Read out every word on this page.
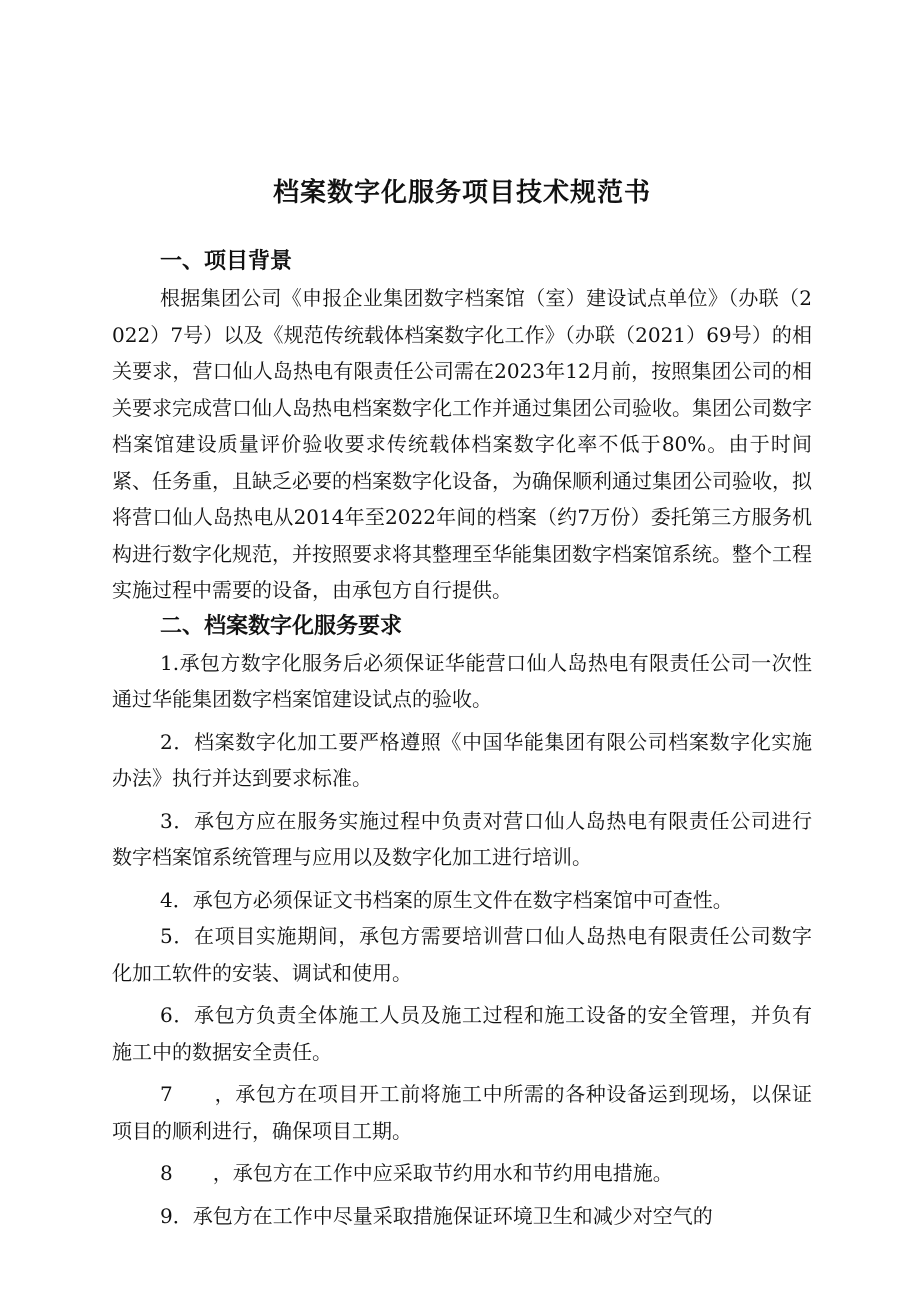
档案数字化服务项目技术规范书
一、项目背景

根据集团公司《申报企业集团数字档案馆（室）建设试点单位》（办联（2022）7号）以及《规范传统载体档案数字化工作》（办联（2021）69号）的相关要求，营口仙人岛热电有限责任公司需在2023年12月前，按照集团公司的相关要求完成营口仙人岛热电档案数字化工作并通过集团公司验收。集团公司数字档案馆建设质量评价验收要求传统载体档案数字化率不低于80%。由于时间紧、任务重，且缺乏必要的档案数字化设备，为确保顺利通过集团公司验收，拟将营口仙人岛热电从2014年至2022年间的档案（约7万份）委托第三方服务机构进行数字化规范，并按照要求将其整理至华能集团数字档案馆系统。整个工程实施过程中需要的设备，由承包方自行提供。

二、档案数字化服务要求

1.承包方数字化服务后必须保证华能营口仙人岛热电有限责任公司一次性通过华能集团数字档案馆建设试点的验收。

2．档案数字化加工要严格遵照《中国华能集团有限公司档案数字化实施办法》执行并达到要求标准。

3．承包方应在服务实施过程中负责对营口仙人岛热电有限责任公司进行数字档案馆系统管理与应用以及数字化加工进行培训。

4．承包方必须保证文书档案的原生文件在数字档案馆中可查性。

5．在项目实施期间，承包方需要培训营口仙人岛热电有限责任公司数字化加工软件的安装、调试和使用。

6．承包方负责全体施工人员及施工过程和施工设备的安全管理，并负有施工中的数据安全责任。

7　　，承包方在项目开工前将施工中所需的各种设备运到现场，以保证项目的顺利进行，确保项目工期。

8　　，承包方在工作中应采取节约用水和节约用电措施。

9．承包方在工作中尽量采取措施保证环境卫生和减少对空气的
